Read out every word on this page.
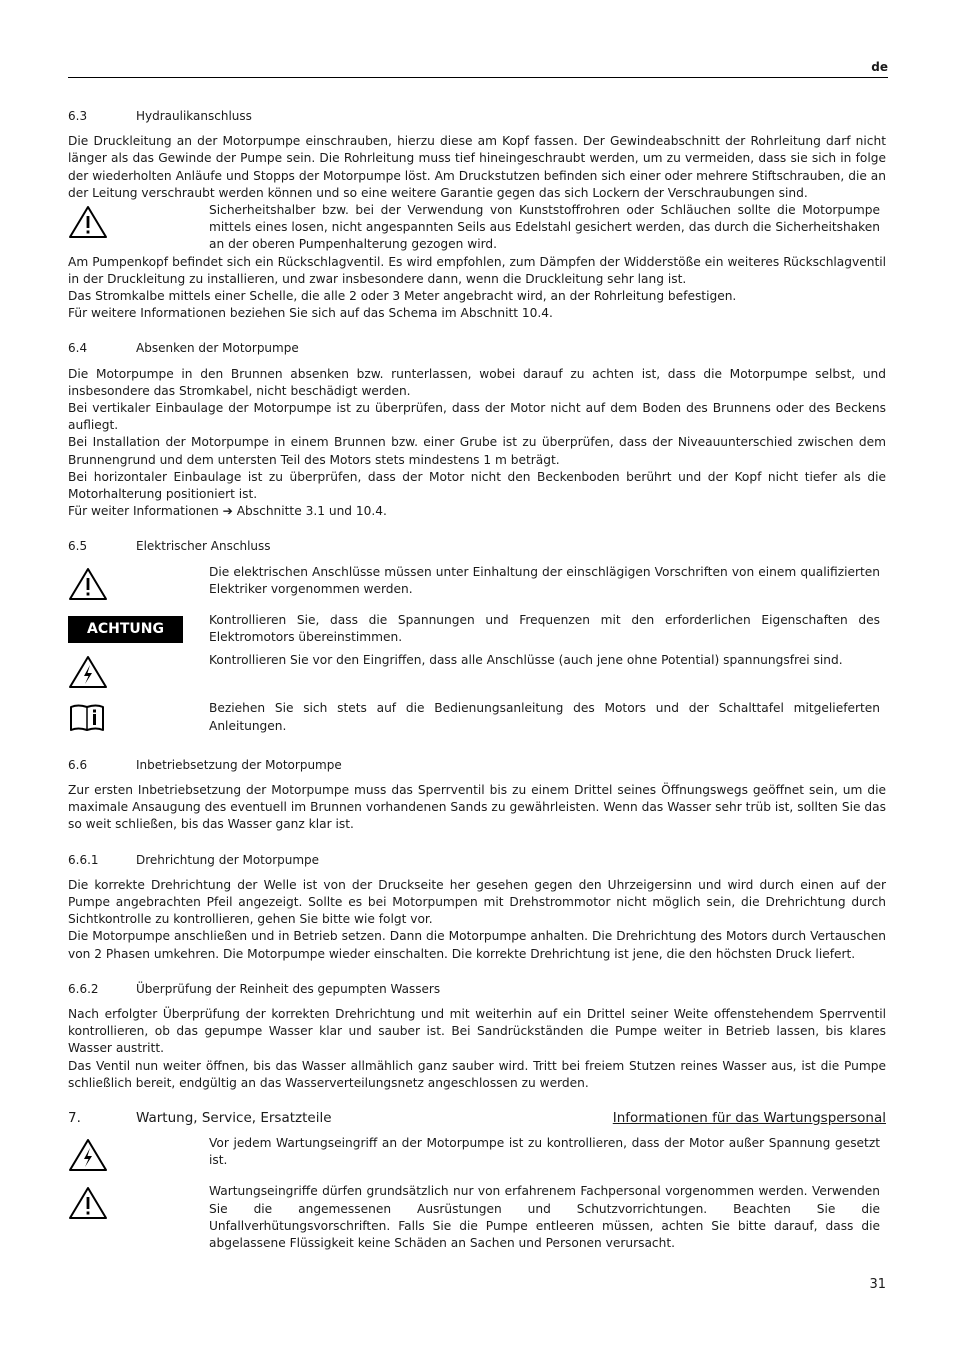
de
6.3	Hydraulikanschluss

Die Druckleitung an der Motorpumpe einschrauben, hierzu diese am Kopf fassen. Der Gewindeabschnitt der Rohrleitung darf nicht länger als das Gewinde der Pumpe sein. Die Rohrleitung muss tief hineingeschraubt werden, um zu vermeiden, dass sie sich in folge der wiederholten Anläufe und Stopps der Motorpumpe löst. Am Druckstutzen befinden sich einer oder mehrere Stiftschrauben, die an der Leitung verschraubt werden können und so eine weitere Garantie gegen das sich Lockern der Verschraubungen sind.

Sicherheitshalber bzw. bei der Verwendung von Kunststoffrohren oder Schläuchen sollte die Motorpumpe mittels eines losen, nicht angespannten Seils aus Edelstahl gesichert werden, das durch die Sicherheitshaken an der oberen Pumpenhalterung gezogen wird.

Am Pumpenkopf befindet sich ein Rückschlagventil. Es wird empfohlen, zum Dämpfen der Widderstöße ein weiteres Rückschlagventil in der Druckleitung zu installieren, und zwar insbesondere dann, wenn die Druckleitung sehr lang ist.

Das Stromkalbe mittels einer Schelle, die alle 2 oder 3 Meter angebracht wird, an der Rohrleitung befestigen.

Für weitere Informationen beziehen Sie sich auf das Schema im Abschnitt 10.4.

6.4	Absenken der Motorpumpe

Die Motorpumpe in den Brunnen absenken bzw. runterlassen, wobei darauf zu achten ist, dass die Motorpumpe selbst, und insbesondere das Stromkabel, nicht beschädigt werden.

Bei vertikaler Einbaulage der Motorpumpe ist zu überprüfen, dass der Motor nicht auf dem Boden des Brunnens oder des Beckens aufliegt.

Bei Installation der Motorpumpe in einem Brunnen bzw. einer Grube ist zu überprüfen, dass der Niveauunterschied zwischen dem Brunnengrund und dem untersten Teil des Motors stets mindestens 1 m beträgt.

Bei horizontaler Einbaulage ist zu überprüfen, dass der Motor nicht den Beckenboden berührt und der Kopf nicht tiefer als die Motorhalterung positioniert ist.

Für weiter Informationen ➔ Abschnitte 3.1 und 10.4.

6.5	Elektrischer Anschluss
Die elektrischen Anschlüsse müssen unter Einhaltung der einschlägigen Vorschriften von einem qualifizierten Elektriker vorgenommen werden.
ACHTUNG
Kontrollieren Sie, dass die Spannungen und Frequenzen mit den erforderlichen Eigenschaften des Elektromotors übereinstimmen.
Kontrollieren Sie vor den Eingriffen, dass alle Anschlüsse (auch jene ohne Potential) spannungsfrei sind.
Beziehen Sie sich stets auf die Bedienungsanleitung des Motors und der Schalttafel mitgelieferten Anleitungen.
6.6	Inbetriebsetzung der Motorpumpe

Zur ersten Inbetriebsetzung der Motorpumpe muss das Sperrventil bis zu einem Drittel seines Öffnungswegs geöffnet sein, um die maximale Ansaugung des eventuell im Brunnen vorhandenen Sands zu gewährleisten. Wenn das Wasser sehr trüb ist, sollten Sie das so weit schließen, bis das Wasser ganz klar ist.

6.6.1	Drehrichtung der Motorpumpe

Die korrekte Drehrichtung der Welle ist von der Druckseite her gesehen gegen den Uhrzeigersinn und wird durch einen auf der Pumpe angebrachten Pfeil angezeigt. Sollte es bei Motorpumpen mit Drehstrommotor nicht möglich sein, die Drehrichtung durch Sichtkontrolle zu kontrollieren, gehen Sie bitte wie folgt vor.

Die Motorpumpe anschließen und in Betrieb setzen. Dann die Motorpumpe anhalten. Die Drehrichtung des Motors durch Vertauschen von 2 Phasen umkehren. Die Motorpumpe wieder einschalten. Die korrekte Drehrichtung ist jene, die den höchsten Druck liefert.

6.6.2	Überprüfung der Reinheit des gepumpten Wassers

Nach erfolgter Überprüfung der korrekten Drehrichtung und mit weiterhin auf ein Drittel seiner Weite offenstehendem Sperrventil kontrollieren, ob das gepumpe Wasser klar und sauber ist. Bei Sandrückständen die Pumpe weiter in Betrieb lassen, bis klares Wasser austritt.

Das Ventil nun weiter öffnen, bis das Wasser allmählich ganz sauber wird. Tritt bei freiem Stutzen reines Wasser aus, ist die Pumpe schließlich bereit, endgültig an das Wasserverteilungsnetz angeschlossen zu werden.

7.	Wartung, Service, Ersatzteile	Informationen für das Wartungspersonal
Vor jedem Wartungseingriff an der Motorpumpe ist zu kontrollieren, dass der Motor außer Spannung gesetzt ist.
Wartungseingriffe dürfen grundsätzlich nur von erfahrenem Fachpersonal vorgenommen werden. Verwenden Sie die angemessenen Ausrüstungen und Schutzvorrichtungen. Beachten Sie die Unfallverhütungsvorschriften. Falls Sie die Pumpe entleeren müssen, achten Sie bitte darauf, dass die abgelassene Flüssigkeit keine Schäden an Sachen und Personen verursacht.
31
